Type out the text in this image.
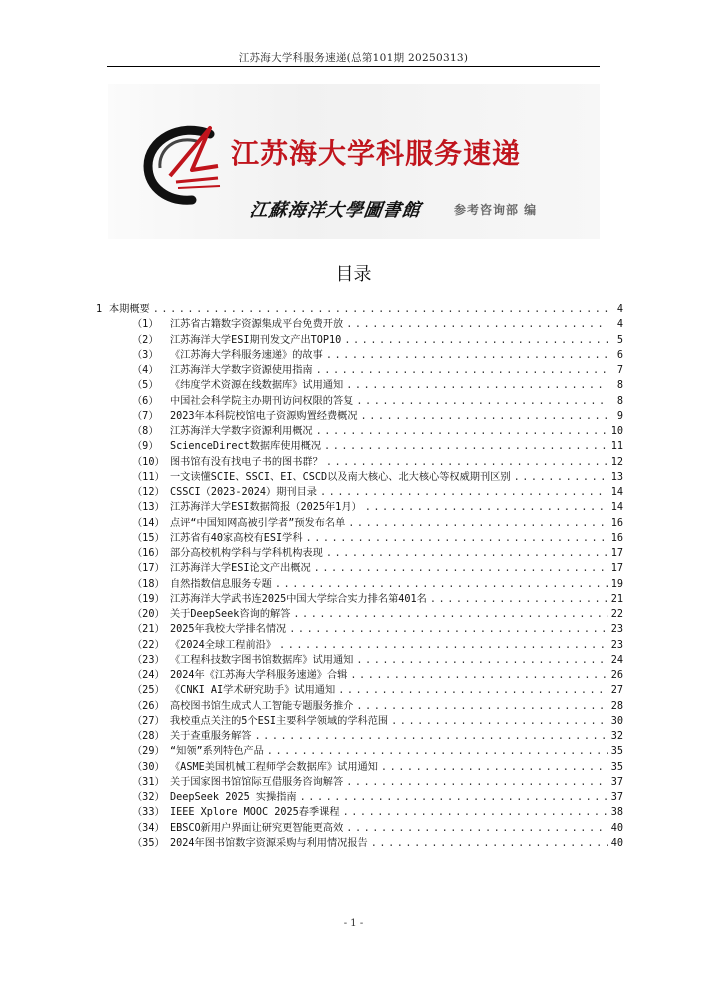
江苏海大学科服务速递(总第101期 20250313)
江苏海大学科服务速递
江蘇海洋大學圖書館	参考咨询部 编
目录
1 本期概要 . . .	4
（1）	江苏省古籍数字资源集成平台免费开放 . . .	4
（2）	江苏海洋大学ESI期刊发文产出TOP10 . . .	5
（3）	《江苏海大学科服务速递》的故事 . . .	6
（4）	江苏海洋大学数字资源使用指南 . . .	7
（5）	《纬度学术资源在线数据库》试用通知 . . .	8
（6）	中国社会科学院主办期刊访问权限的答复 . . .	8
（7）	2023年本科院校馆电子资源购置经费概况 . . .	9
（8）	江苏海洋大学数字资源利用概况 . . .	10
（9）	ScienceDirect数据库使用概况 . . .	11
（10） 图书馆有没有找电子书的图书群？ . . .	12
（11） 一文读懂SCIE、SSCI、EI、CSCD以及南大核心、北大核心等权威期刊区别 . . .	13
（12） CSSCI（2023-2024）期刊目录 . . .	14
（13） 江苏海洋大学ESI数据简报（2025年1月） . . .	14
（14） 点评“中国知网高被引学者”预发布名单 . . .	16
（15） 江苏省有40家高校有ESI学科 . . .	16
（16） 部分高校机构学科与学科机构表现 . . .	17
（17） 江苏海洋大学ESI论文产出概况 . . .	17
（18） 自然指数信息服务专题 . . .	19
（19） 江苏海洋大学武书连2025中国大学综合实力排名第401名 . . .	21
（20） 关于DeepSeek咨询的解答 . . .	22
（21） 2025年我校大学排名情况 . . .	23
（22） 《2024全球工程前沿》 . . .	23
（23） 《工程科技数字图书馆数据库》试用通知 . . .	24
（24） 2024年《江苏海大学科服务速递》合辑 . . .	26
（25） 《CNKI AI学术研究助手》试用通知 . . .	27
（26） 高校图书馆生成式人工智能专题服务推介 . . .	28
（27） 我校重点关注的5个ESI主要科学领域的学科范围 . . .	30
（28） 关于查重服务解答 . . .	32
（29） “知领”系列特色产品 . . .	35
（30） 《ASME美国机械工程师学会数据库》试用通知 . . .	35
（31） 关于国家图书馆馆际互借服务咨询解答 . . .	37
（32） DeepSeek 2025 实操指南 . . .	37
（33） IEEE Xplore MOOC 2025春季课程 . . .	38
（34） EBSCO新用户界面让研究更智能更高效 . . .	40
（35） 2024年图书馆数字资源采购与利用情况报告 . . .	40
- 1 -
